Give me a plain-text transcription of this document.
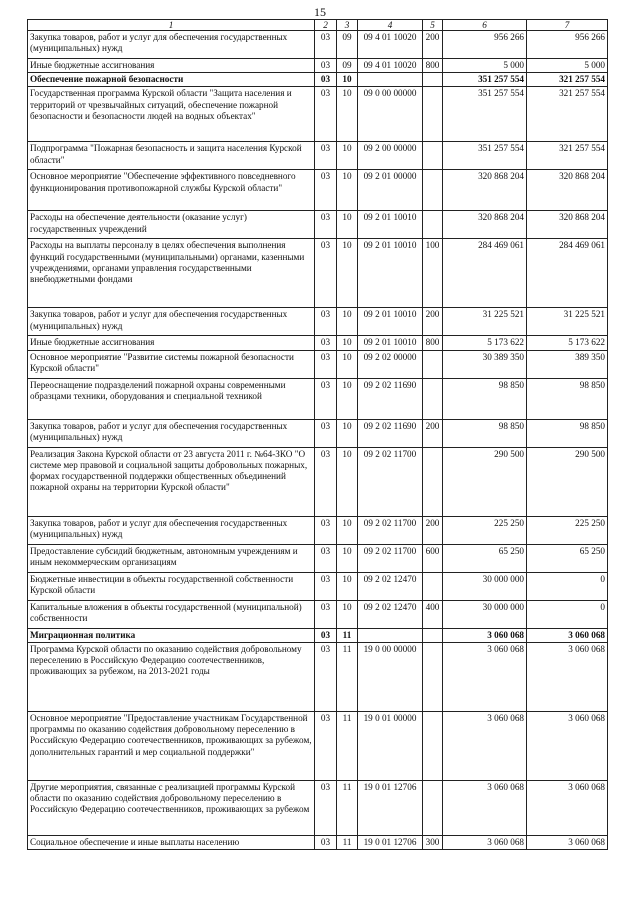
15
1	2	3	4	5	6	7
Закупка товаров, работ и услуг для обеспечения государственных (муниципальных) нужд	03	09	09 4 01 10020	200	956 266	956 266
Иные бюджетные ассигнования	03	09	09 4 01 10020	800	5 000	5 000
Обеспечение пожарной безопасности	03	10			351 257 554	321 257 554
Государственная программа Курской области "Защита населения и территорий от чрезвычайных ситуаций, обеспечение пожарной безопасности и безопасности людей на водных объектах"	03	10	09 0 00 00000		351 257 554	321 257 554
Подпрограмма "Пожарная безопасность и защита населения Курской области"	03	10	09 2 00 00000		351 257 554	321 257 554
Основное мероприятие "Обеспечение эффективного повседневного функционирования противопожарной службы Курской области"	03	10	09 2 01 00000		320 868 204	320 868 204
Расходы на обеспечение деятельности (оказание услуг) государственных учреждений	03	10	09 2 01 10010		320 868 204	320 868 204
Расходы на выплаты персоналу в целях обеспечения выполнения функций государственными (муниципальными) органами, казенными учреждениями, органами управления государственными внебюджетными фондами	03	10	09 2 01 10010	100	284 469 061	284 469 061
Закупка товаров, работ и услуг для обеспечения государственных (муниципальных) нужд	03	10	09 2 01 10010	200	31 225 521	31 225 521
Иные бюджетные ассигнования	03	10	09 2 01 10010	800	5 173 622	5 173 622
Основное мероприятие "Развитие системы пожарной безопасности Курской области"	03	10	09 2 02 00000		30 389 350	389 350
Переоснащение подразделений пожарной охраны современными образцами техники, оборудования и специальной техникой	03	10	09 2 02 11690		98 850	98 850
Закупка товаров, работ и услуг для обеспечения государственных (муниципальных) нужд	03	10	09 2 02 11690	200	98 850	98 850
Реализация Закона Курской области от 23 августа 2011 г. №64-ЗКО "О системе мер правовой и социальной защиты добровольных пожарных, формах государственной поддержки общественных объединений пожарной охраны на территории Курской области"	03	10	09 2 02 11700		290 500	290 500
Закупка товаров, работ и услуг для обеспечения государственных (муниципальных) нужд	03	10	09 2 02 11700	200	225 250	225 250
Предоставление субсидий бюджетным, автономным учреждениям и иным некоммерческим организациям	03	10	09 2 02 11700	600	65 250	65 250
Бюджетные инвестиции в объекты государственной собственности Курской области	03	10	09 2 02 12470		30 000 000	0
Капитальные вложения в объекты государственной (муниципальной) собственности	03	10	09 2 02 12470	400	30 000 000	0
Миграционная политика	03	11			3 060 068	3 060 068
Программа Курской области по оказанию содействия добровольному переселению в Российскую Федерацию соотечественников, проживающих за рубежом, на 2013-2021 годы	03	11	19 0 00 00000		3 060 068	3 060 068
Основное мероприятие "Предоставление участникам Государственной программы по оказанию содействия добровольному переселению в Российскую Федерацию соотечественников, проживающих за рубежом, дополнительных гарантий и мер социальной поддержки"	03	11	19 0 01 00000		3 060 068	3 060 068
Другие мероприятия, связанные с реализацией программы Курской области по оказанию содействия добровольному переселению в Российскую Федерацию соотечественников, проживающих за рубежом	03	11	19 0 01 12706		3 060 068	3 060 068
Социальное обеспечение и иные выплаты населению	03	11	19 0 01 12706	300	3 060 068	3 060 068
